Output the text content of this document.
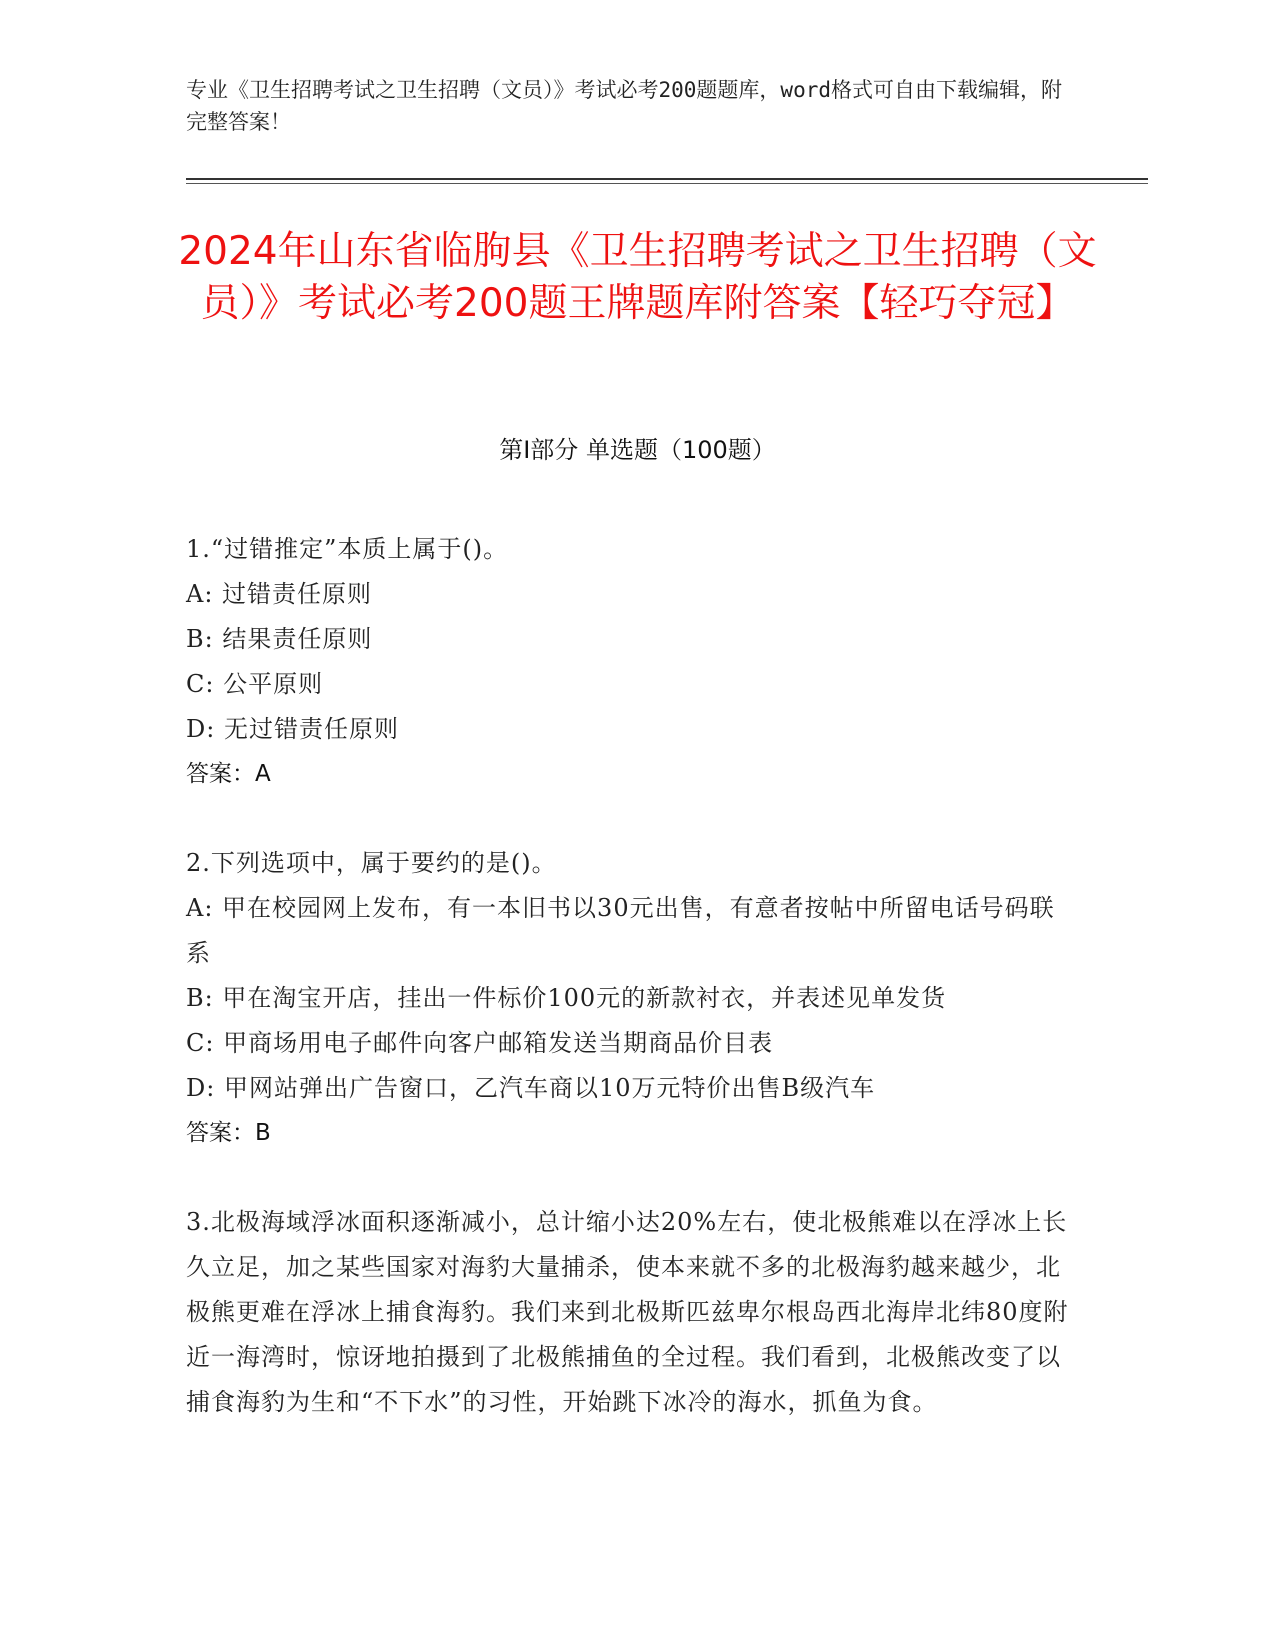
专业《卫生招聘考试之卫生招聘（文员）》考试必考200题题库，word格式可自由下载编辑，附完整答案！
2024年山东省临朐县《卫生招聘考试之卫生招聘（文员）》考试必考200题王牌题库附答案【轻巧夺冠】
第Ⅰ部分 单选题（100题）

1.“过错推定”本质上属于()。

A: 过错责任原则

B: 结果责任原则

C: 公平原则

D: 无过错责任原则

答案：A

2.下列选项中，属于要约的是()。

A: 甲在校园网上发布，有一本旧书以30元出售，有意者按帖中所留电话号码联系

B: 甲在淘宝开店，挂出一件标价100元的新款衬衣，并表述见单发货

C: 甲商场用电子邮件向客户邮箱发送当期商品价目表

D: 甲网站弹出广告窗口，乙汽车商以10万元特价出售B级汽车

答案：B

3.北极海域浮冰面积逐渐减小，总计缩小达20%左右，使北极熊难以在浮冰上长久立足，加之某些国家对海豹大量捕杀，使本来就不多的北极海豹越来越少，北极熊更难在浮冰上捕食海豹。我们来到北极斯匹兹卑尔根岛西北海岸北纬80度附近一海湾时，惊讶地拍摄到了北极熊捕鱼的全过程。我们看到，北极熊改变了以捕食海豹为生和“不下水”的习性，开始跳下冰冷的海水，抓鱼为食。
